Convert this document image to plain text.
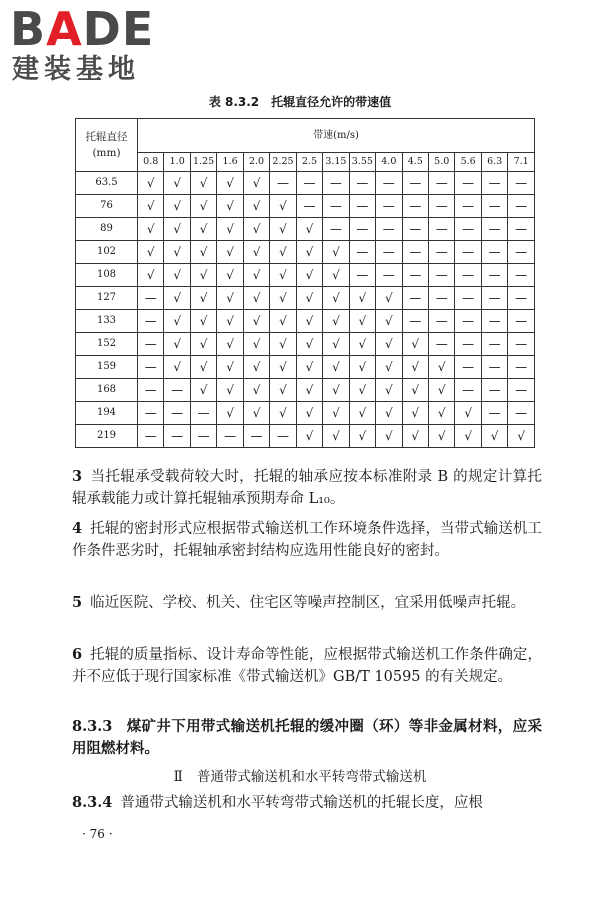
BADE
建装基地
表 8.3.2 托辊直径允许的带速值
托辊直径
(mm)	带速(m/s)														
	0.8	1.0	1.25	1.6	2.0	2.25	2.5	3.15	3.55	4.0	4.5	5.0	5.6	6.3	7.1
63.5	√	√	√	√	√	—	—	—	—	—	—	—	—	—	—
76	√	√	√	√	√	√	—	—	—	—	—	—	—	—	—
89	√	√	√	√	√	√	√	—	—	—	—	—	—	—	—
102	√	√	√	√	√	√	√	√	—	—	—	—	—	—	—
108	√	√	√	√	√	√	√	√	—	—	—	—	—	—	—
127	—	√	√	√	√	√	√	√	√	√	—	—	—	—	—
133	—	√	√	√	√	√	√	√	√	√	—	—	—	—	—
152	—	√	√	√	√	√	√	√	√	√	√	—	—	—	—
159	—	√	√	√	√	√	√	√	√	√	√	√	—	—	—
168	—	—	√	√	√	√	√	√	√	√	√	√	—	—	—
194	—	—	—	√	√	√	√	√	√	√	√	√	√	—	—
219	—	—	—	—	—	—	√	√	√	√	√	√	√	√	√

3 当托辊承受载荷较大时，托辊的轴承应按本标准附录 B 的规定计算托辊承载能力或计算托辊轴承预期寿命 L₁₀。

4 托辊的密封形式应根据带式输送机工作环境条件选择，当带式输送机工作条件恶劣时，托辊轴承密封结构应选用性能良好的密封。

5 临近医院、学校、机关、住宅区等噪声控制区，宜采用低噪声托辊。

6 托辊的质量指标、设计寿命等性能，应根据带式输送机工作条件确定，并不应低于现行国家标准《带式输送机》GB/T 10595 的有关规定。

8.3.3 煤矿井下用带式输送机托辊的缓冲圈（环）等非金属材料，应采用阻燃材料。

Ⅱ 普通带式输送机和水平转弯带式输送机

8.3.4 普通带式输送机和水平转弯带式输送机的托辊长度，应根

· 76 ·
